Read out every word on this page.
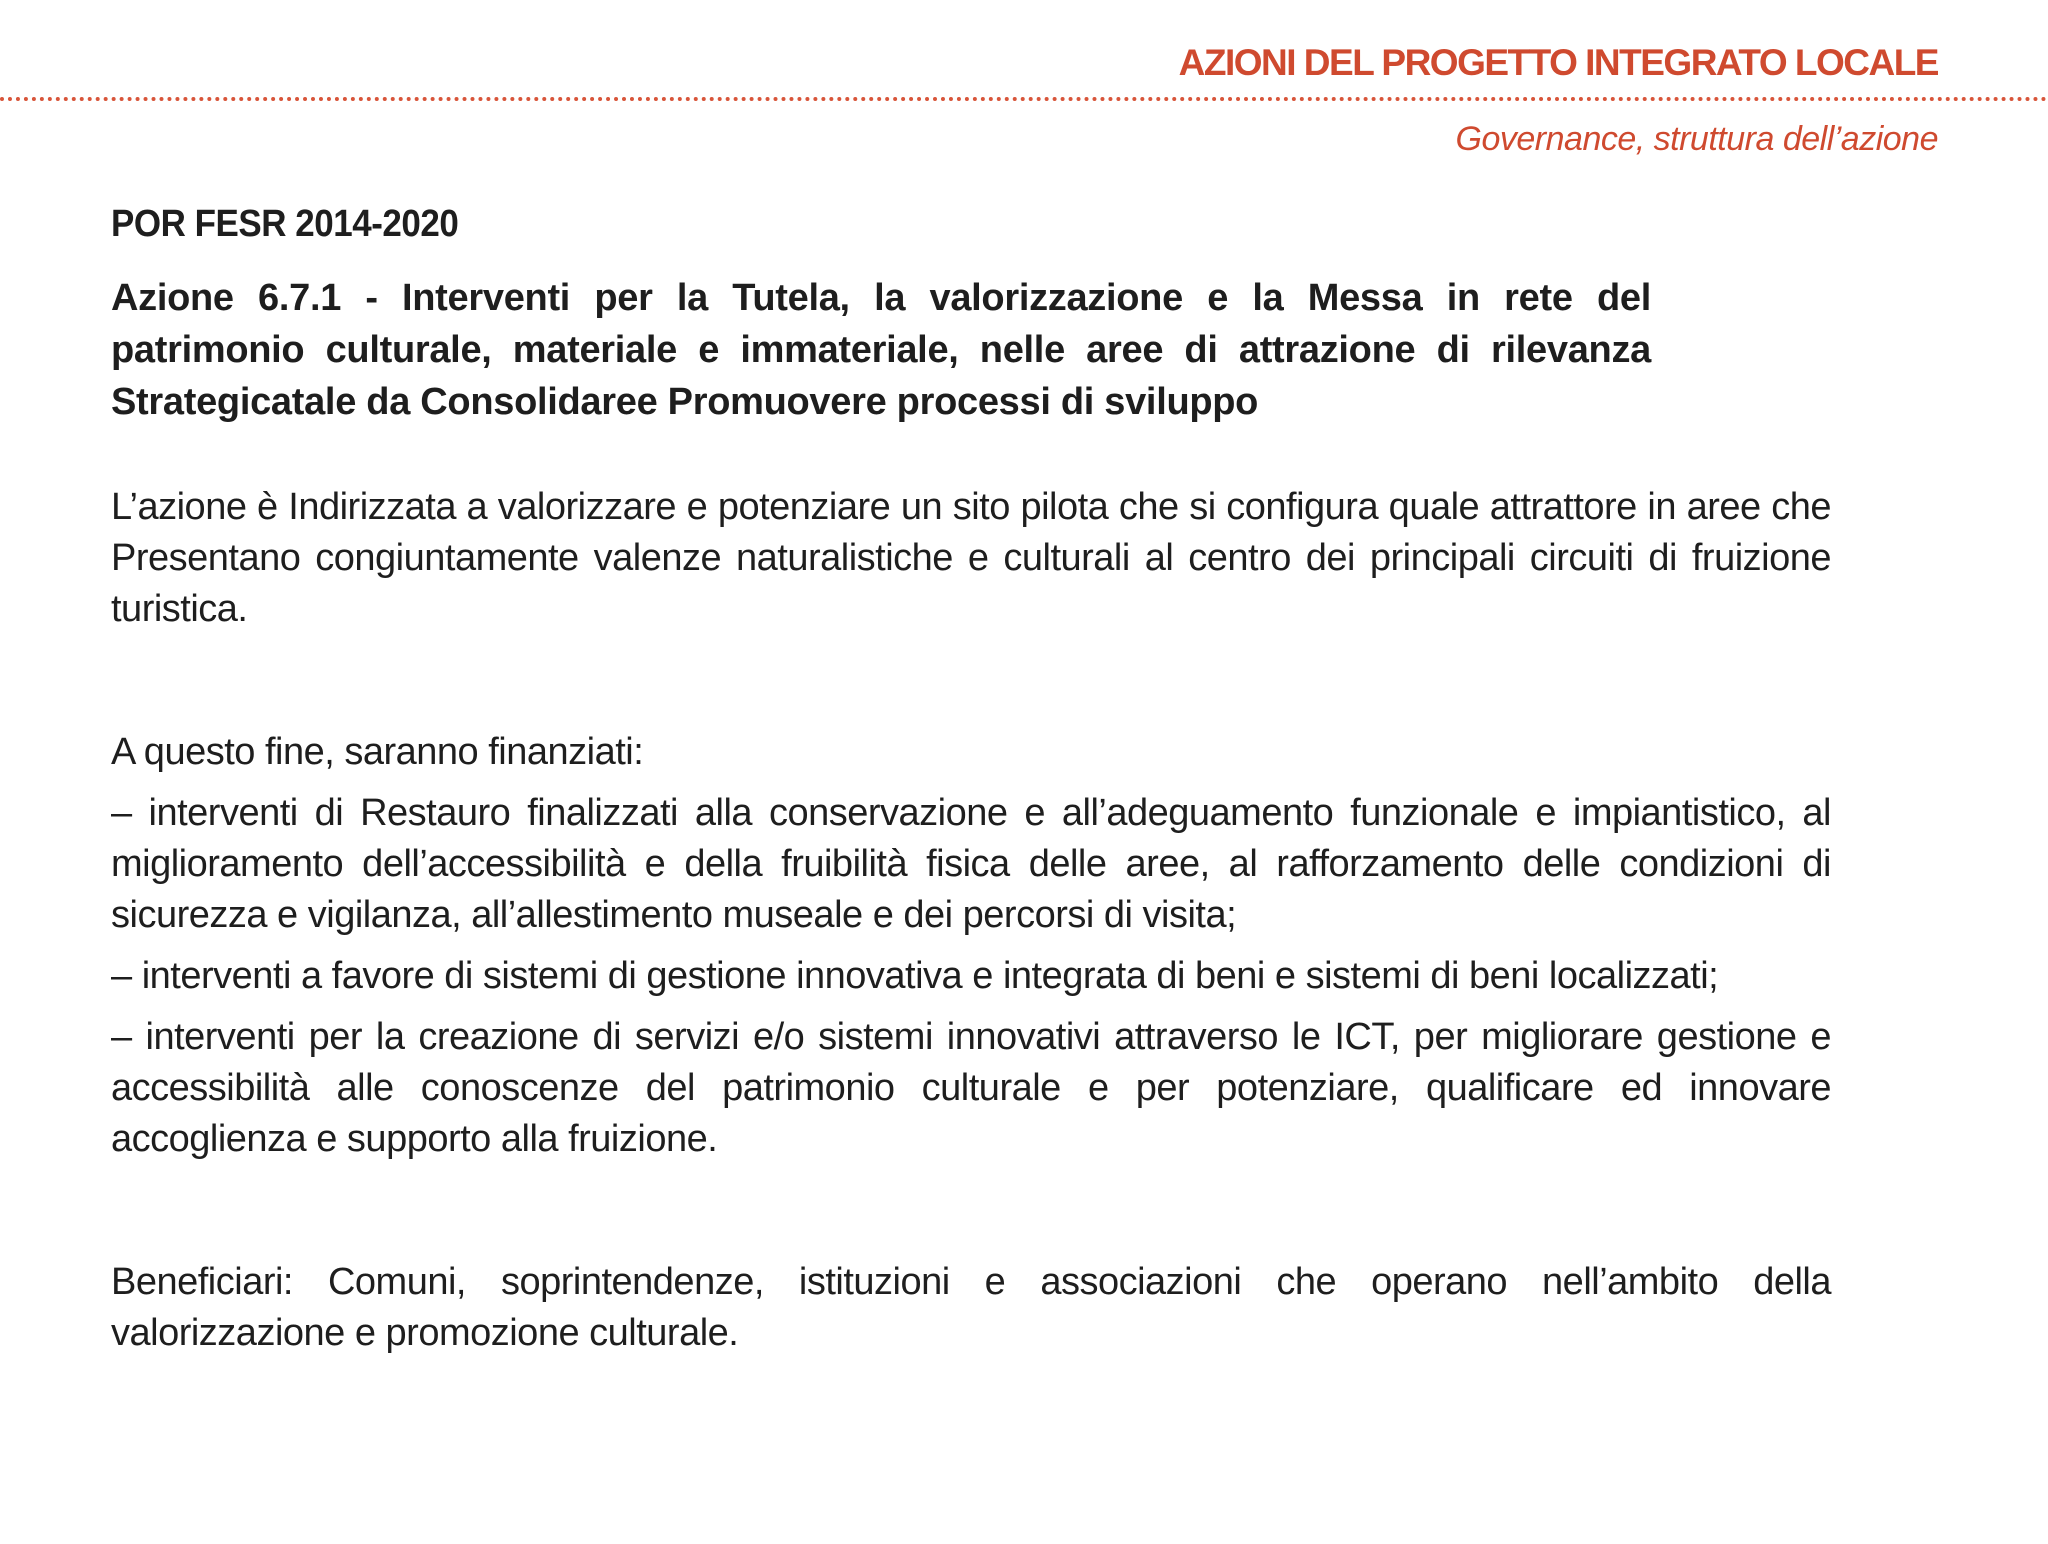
AZIONI DEL PROGETTO INTEGRATO LOCALE
Governance, struttura dell’azione

POR FESR 2014-2020

Azione 6.7.1 - Interventi per la Tutela, la valorizzazione e la Messa in rete del patrimonio culturale, materiale e immateriale, nelle aree di attrazione di rilevanza Strategicatale da Consolidaree Promuovere processi di sviluppo

L’azione è Indirizzata a valorizzare e potenziare un sito pilota che si configura quale attrattore in aree che Presentano congiuntamente valenze naturalistiche e culturali al centro dei principali circuiti di fruizione turistica.

A questo fine, saranno finanziati:

– interventi di Restauro finalizzati alla conservazione e all’adeguamento funzionale e impiantistico, al miglioramento dell’accessibilità e della fruibilità fisica delle aree, al rafforzamento delle condizioni di sicurezza e vigilanza, all’allestimento museale e dei percorsi di visita;

– interventi a favore di sistemi di gestione innovativa e integrata di beni e sistemi di beni localizzati;

– interventi per la creazione di servizi e/o sistemi innovativi attraverso le ICT, per migliorare gestione e accessibilità alle conoscenze del patrimonio culturale e per potenziare, qualificare ed innovare accoglienza e supporto alla fruizione.

Beneficiari: Comuni, soprintendenze, istituzioni e associazioni che operano nell’ambito della valorizzazione e promozione culturale.
